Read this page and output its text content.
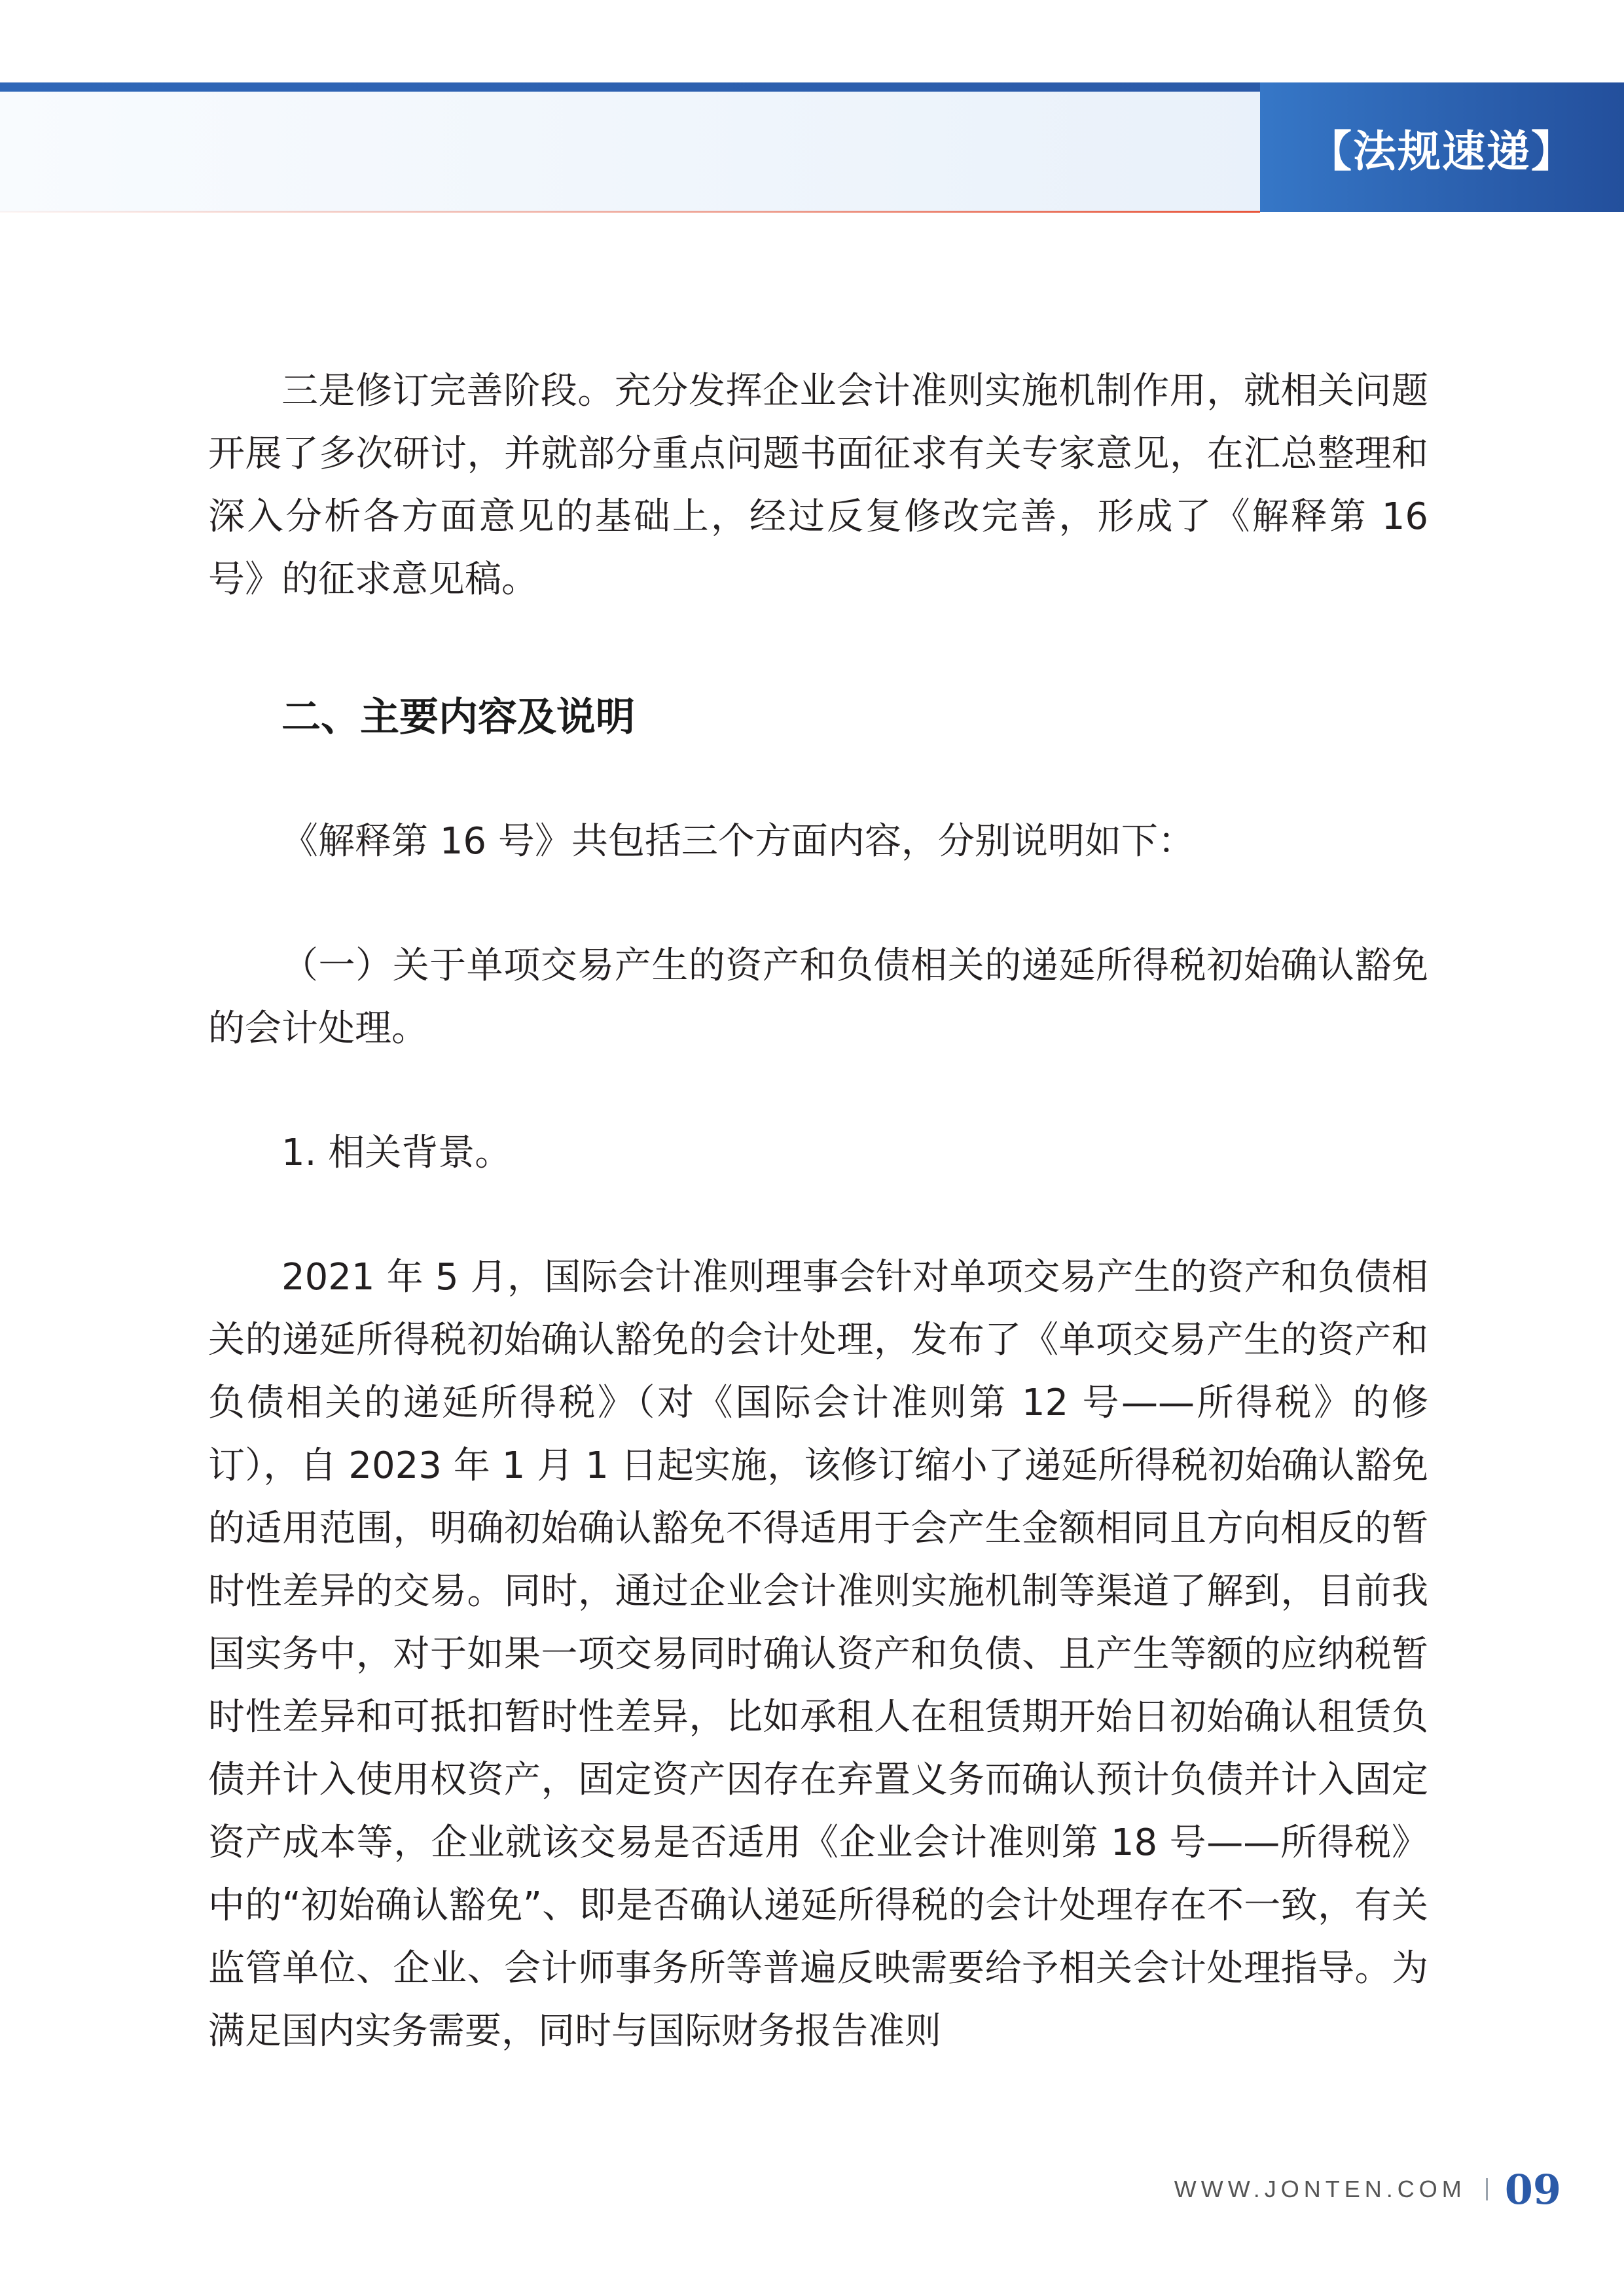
【法规速递】

三是修订完善阶段。充分发挥企业会计准则实施机制作用，就相关问题开展了多次研讨，并就部分重点问题书面征求有关专家意见，在汇总整理和深入分析各方面意见的基础上，经过反复修改完善，形成了《解释第 16 号》的征求意见稿。

二、主要内容及说明

《解释第 16 号》共包括三个方面内容，分别说明如下：

（一）关于单项交易产生的资产和负债相关的递延所得税初始确认豁免的会计处理。

1. 相关背景。

2021 年 5 月，国际会计准则理事会针对单项交易产生的资产和负债相关的递延所得税初始确认豁免的会计处理，发布了《单项交易产生的资产和负债相关的递延所得税》（对《国际会计准则第 12 号——所得税》的修订），自 2023 年 1 月 1 日起实施，该修订缩小了递延所得税初始确认豁免的适用范围，明确初始确认豁免不得适用于会产生金额相同且方向相反的暂时性差异的交易。同时，通过企业会计准则实施机制等渠道了解到，目前我国实务中，对于如果一项交易同时确认资产和负债、且产生等额的应纳税暂时性差异和可抵扣暂时性差异，比如承租人在租赁期开始日初始确认租赁负债并计入使用权资产，固定资产因存在弃置义务而确认预计负债并计入固定资产成本等，企业就该交易是否适用《企业会计准则第 18 号——所得税》中的“初始确认豁免”、即是否确认递延所得税的会计处理存在不一致，有关监管单位、企业、会计师事务所等普遍反映需要给予相关会计处理指导。为满足国内实务需要，同时与国际财务报告准则

WWW.JONTEN.COM 09
